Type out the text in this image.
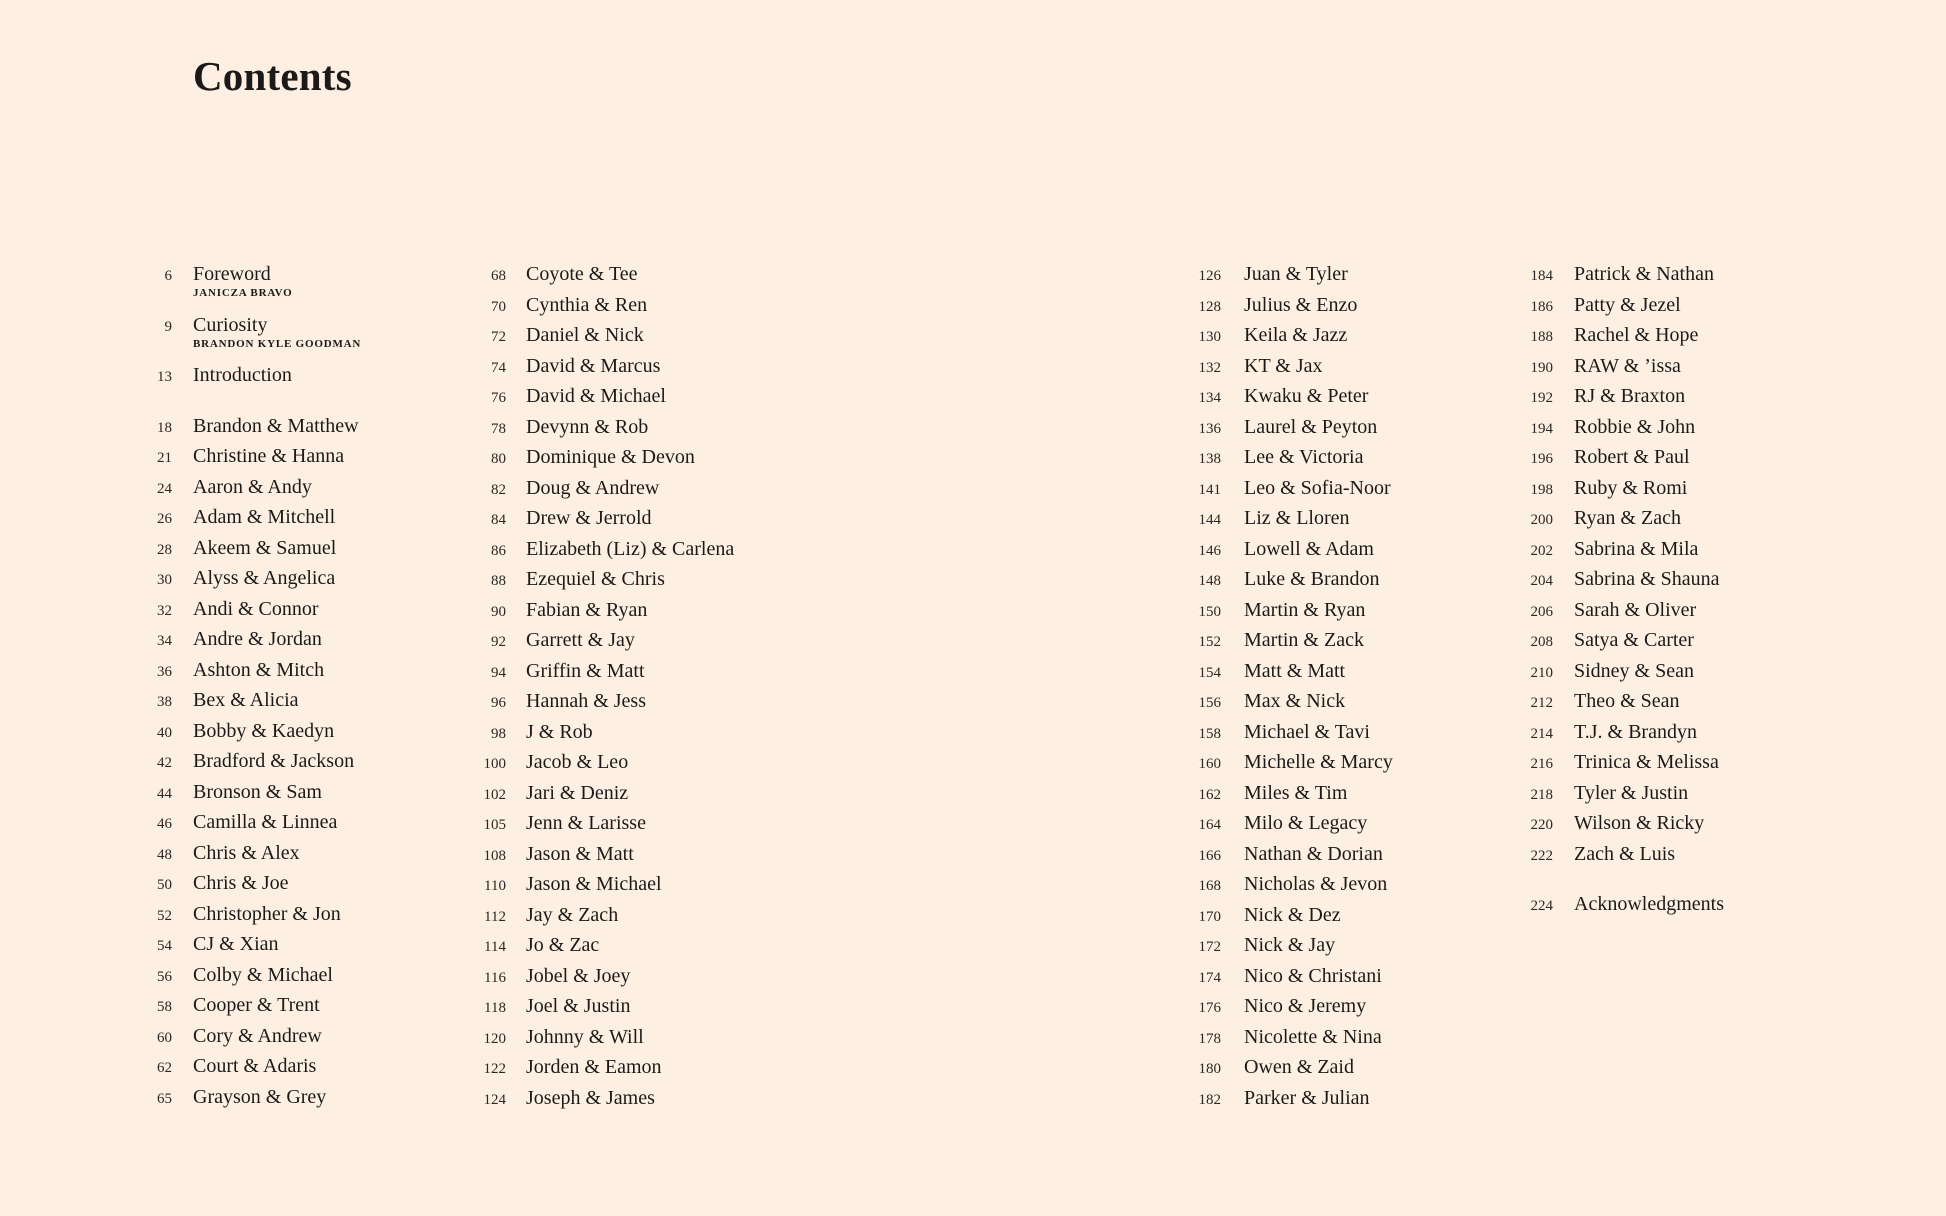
Contents
6 Foreword
JANICZA BRAVO
9 Curiosity
BRANDON KYLE GOODMAN
13 Introduction
18 Brandon & Matthew
21 Christine & Hanna
24 Aaron & Andy
26 Adam & Mitchell
28 Akeem & Samuel
30 Alyss & Angelica
32 Andi & Connor
34 Andre & Jordan
36 Ashton & Mitch
38 Bex & Alicia
40 Bobby & Kaedyn
42 Bradford & Jackson
44 Bronson & Sam
46 Camilla & Linnea
48 Chris & Alex
50 Chris & Joe
52 Christopher & Jon
54 CJ & Xian
56 Colby & Michael
58 Cooper & Trent
60 Cory & Andrew
62 Court & Adaris
65 Grayson & Grey
68 Coyote & Tee
70 Cynthia & Ren
72 Daniel & Nick
74 David & Marcus
76 David & Michael
78 Devynn & Rob
80 Dominique & Devon
82 Doug & Andrew
84 Drew & Jerrold
86 Elizabeth (Liz) & Carlena
88 Ezequiel & Chris
90 Fabian & Ryan
92 Garrett & Jay
94 Griffin & Matt
96 Hannah & Jess
98 J & Rob
100 Jacob & Leo
102 Jari & Deniz
105 Jenn & Larisse
108 Jason & Matt
110 Jason & Michael
112 Jay & Zach
114 Jo & Zac
116 Jobel & Joey
118 Joel & Justin
120 Johnny & Will
122 Jorden & Eamon
124 Joseph & James
126 Juan & Tyler
128 Julius & Enzo
130 Keila & Jazz
132 KT & Jax
134 Kwaku & Peter
136 Laurel & Peyton
138 Lee & Victoria
141 Leo & Sofia-Noor
144 Liz & Lloren
146 Lowell & Adam
148 Luke & Brandon
150 Martin & Ryan
152 Martin & Zack
154 Matt & Matt
156 Max & Nick
158 Michael & Tavi
160 Michelle & Marcy
162 Miles & Tim
164 Milo & Legacy
166 Nathan & Dorian
168 Nicholas & Jevon
170 Nick & Dez
172 Nick & Jay
174 Nico & Christani
176 Nico & Jeremy
178 Nicolette & Nina
180 Owen & Zaid
182 Parker & Julian
184 Patrick & Nathan
186 Patty & Jezel
188 Rachel & Hope
190 RAW & ’issa
192 RJ & Braxton
194 Robbie & John
196 Robert & Paul
198 Ruby & Romi
200 Ryan & Zach
202 Sabrina & Mila
204 Sabrina & Shauna
206 Sarah & Oliver
208 Satya & Carter
210 Sidney & Sean
212 Theo & Sean
214 T.J. & Brandyn
216 Trinica & Melissa
218 Tyler & Justin
220 Wilson & Ricky
222 Zach & Luis
224 Acknowledgments
